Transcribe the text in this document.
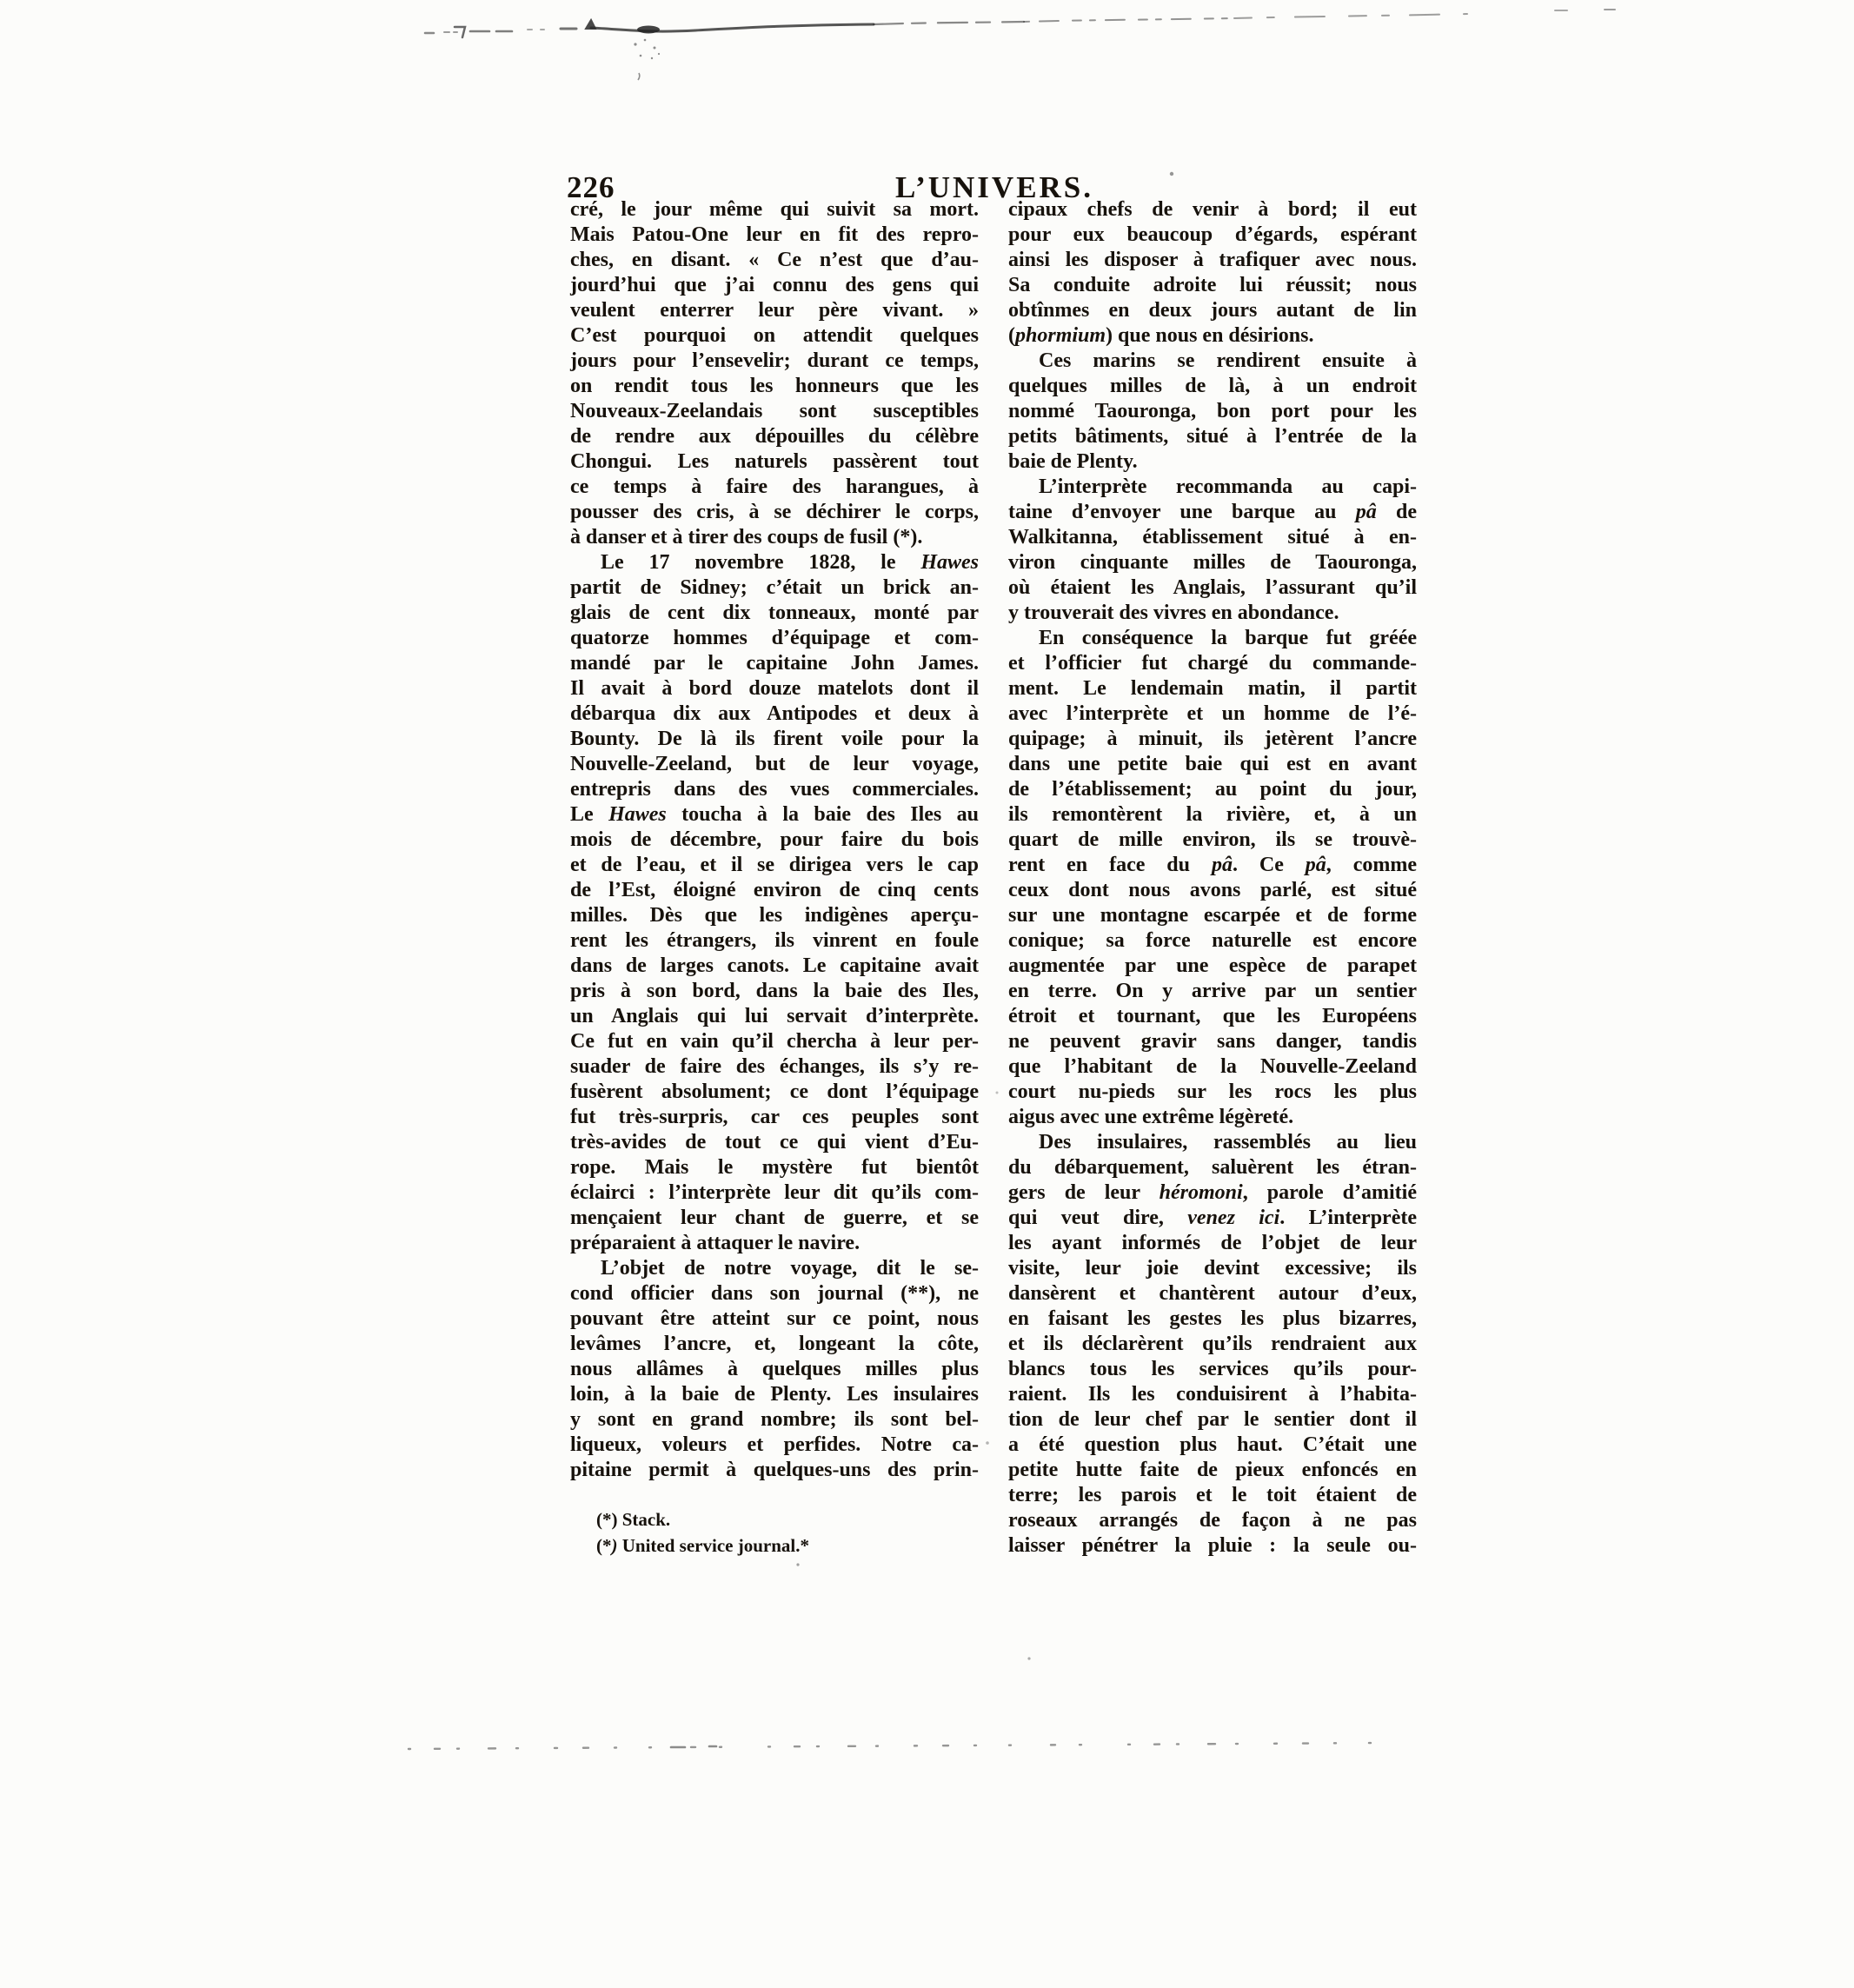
226	L’UNIVERS.
cré, le jour même qui suivit sa mort.
Mais Patou-One leur en fit des repro-
ches, en disant. « Ce n’est que d’au-
jourd’hui que j’ai connu des gens qui
veulent enterrer leur père vivant. »
C’est pourquoi on attendit quelques
jours pour l’ensevelir; durant ce temps,
on rendit tous les honneurs que les
Nouveaux-Zeelandais sont susceptibles
de rendre aux dépouilles du célèbre
Chongui. Les naturels passèrent tout
ce temps à faire des harangues, à
pousser des cris, à se déchirer le corps,
à danser et à tirer des coups de fusil (*).
Le 17 novembre 1828, le Hawes
partit de Sidney; c’était un brick an-
glais de cent dix tonneaux, monté par
quatorze hommes d’équipage et com-
mandé par le capitaine John James.
Il avait à bord douze matelots dont il
débarqua dix aux Antipodes et deux à
Bounty. De là ils firent voile pour la
Nouvelle-Zeeland, but de leur voyage,
entrepris dans des vues commerciales.
Le Hawes toucha à la baie des Iles au
mois de décembre, pour faire du bois
et de l’eau, et il se dirigea vers le cap
de l’Est, éloigné environ de cinq cents
milles. Dès que les indigènes aperçu-
rent les étrangers, ils vinrent en foule
dans de larges canots. Le capitaine avait
pris à son bord, dans la baie des Iles,
un Anglais qui lui servait d’interprète.
Ce fut en vain qu’il chercha à leur per-
suader de faire des échanges, ils s’y re-
fusèrent absolument; ce dont l’équipage
fut très-surpris, car ces peuples sont
très-avides de tout ce qui vient d’Eu-
rope. Mais le mystère fut bientôt
éclairci : l’interprète leur dit qu’ils com-
mençaient leur chant de guerre, et se
préparaient à attaquer le navire.
L’objet de notre voyage, dit le se-
cond officier dans son journal (**), ne
pouvant être atteint sur ce point, nous
levâmes l’ancre, et, longeant la côte,
nous allâmes à quelques milles plus
loin, à la baie de Plenty. Les insulaires
y sont en grand nombre; ils sont bel-
liqueux, voleurs et perfides. Notre ca-
pitaine permit à quelques-uns des prin-
(*) Stack.
(*) United service journal.*
cipaux chefs de venir à bord; il eut
pour eux beaucoup d’égards, espérant
ainsi les disposer à trafiquer avec nous.
Sa conduite adroite lui réussit; nous
obtînmes en deux jours autant de lin
(phormium) que nous en désirions.
Ces marins se rendirent ensuite à
quelques milles de là, à un endroit
nommé Taouronga, bon port pour les
petits bâtiments, situé à l’entrée de la
baie de Plenty.
L’interprète recommanda au capi-
taine d’envoyer une barque au pâ de
Walkitanna, établissement situé à en-
viron cinquante milles de Taouronga,
où étaient les Anglais, l’assurant qu’il
y trouverait des vivres en abondance.
En conséquence la barque fut gréée
et l’officier fut chargé du commande-
ment. Le lendemain matin, il partit
avec l’interprète et un homme de l’é-
quipage; à minuit, ils jetèrent l’ancre
dans une petite baie qui est en avant
de l’établissement; au point du jour,
ils remontèrent la rivière, et, à un
quart de mille environ, ils se trouvè-
rent en face du pâ. Ce pâ, comme
ceux dont nous avons parlé, est situé
sur une montagne escarpée et de forme
conique; sa force naturelle est encore
augmentée par une espèce de parapet
en terre. On y arrive par un sentier
étroit et tournant, que les Européens
ne peuvent gravir sans danger, tandis
que l’habitant de la Nouvelle-Zeeland
court nu-pieds sur les rocs les plus
aigus avec une extrême légèreté.
Des insulaires, rassemblés au lieu
du débarquement, saluèrent les étran-
gers de leur héromoni, parole d’amitié
qui veut dire, venez ici. L’interprète
les ayant informés de l’objet de leur
visite, leur joie devint excessive; ils
dansèrent et chantèrent autour d’eux,
en faisant les gestes les plus bizarres,
et ils déclarèrent qu’ils rendraient aux
blancs tous les services qu’ils pour-
raient. Ils les conduisirent à l’habita-
tion de leur chef par le sentier dont il
a été question plus haut. C’était une
petite hutte faite de pieux enfoncés en
terre; les parois et le toit étaient de
roseaux arrangés de façon à ne pas
laisser pénétrer la pluie : la seule ou-
